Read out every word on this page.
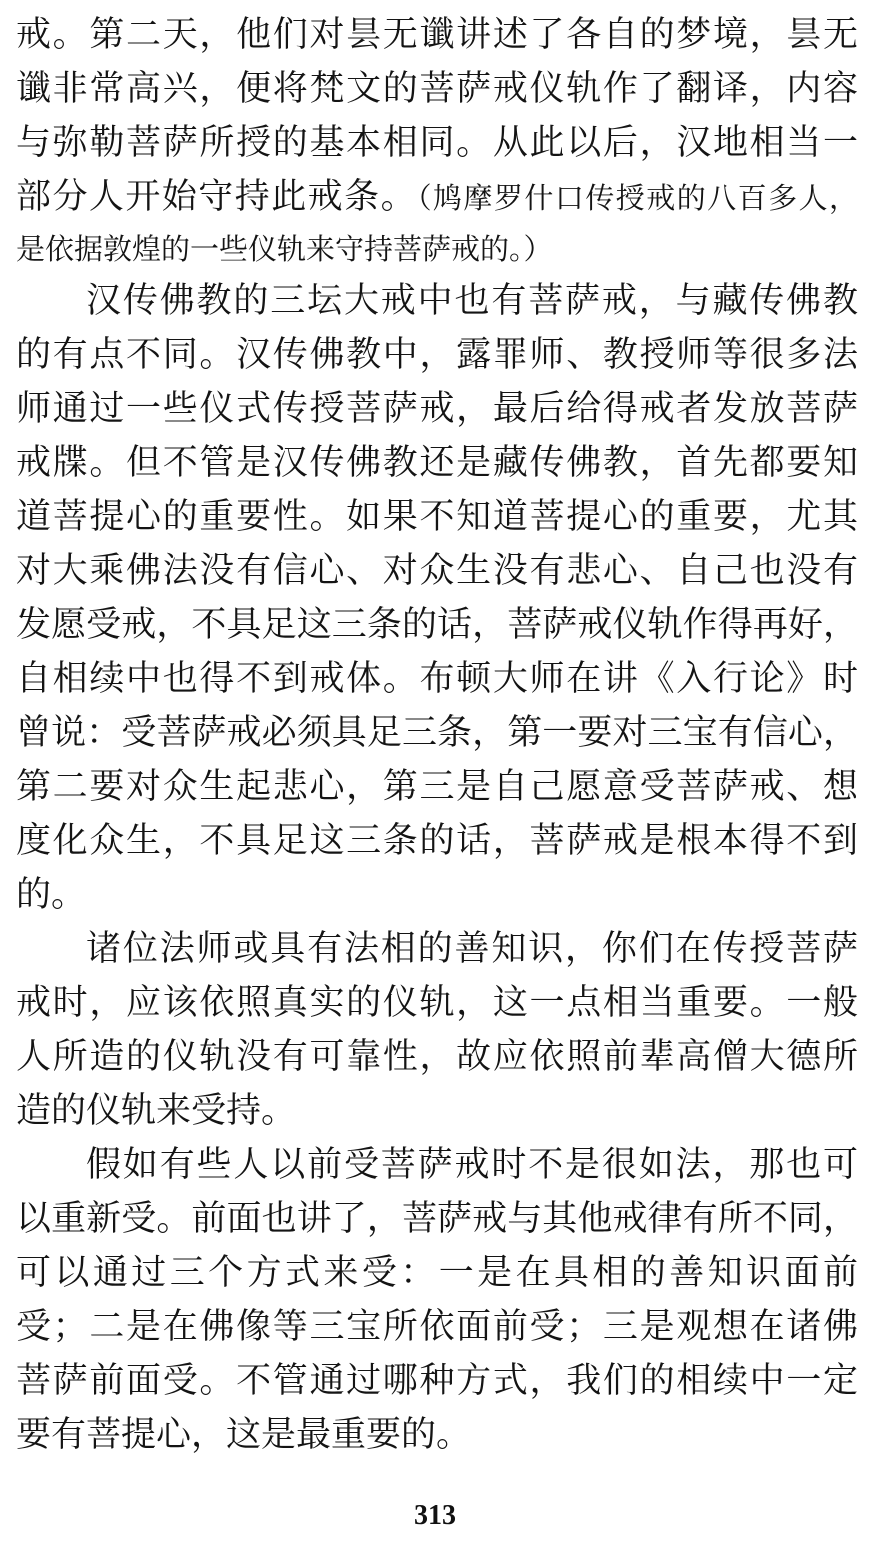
戒。第二天，他们对昙无谶讲述了各自的梦境，昙无
谶非常高兴，便将梵文的菩萨戒仪轨作了翻译，内容
与弥勒菩萨所授的基本相同。从此以后，汉地相当一
部分人开始守持此戒条。（鸠摩罗什口传授戒的八百多人，
是依据敦煌的一些仪轨来守持菩萨戒的。）
汉传佛教的三坛大戒中也有菩萨戒，与藏传佛教
的有点不同。汉传佛教中，露罪师、教授师等很多法
师通过一些仪式传授菩萨戒，最后给得戒者发放菩萨
戒牒。但不管是汉传佛教还是藏传佛教，首先都要知
道菩提心的重要性。如果不知道菩提心的重要，尤其
对大乘佛法没有信心、对众生没有悲心、自己也没有
发愿受戒，不具足这三条的话，菩萨戒仪轨作得再好，
自相续中也得不到戒体。布顿大师在讲《入行论》时
曾说：受菩萨戒必须具足三条，第一要对三宝有信心，
第二要对众生起悲心，第三是自己愿意受菩萨戒、想
度化众生，不具足这三条的话，菩萨戒是根本得不到
的。
诸位法师或具有法相的善知识，你们在传授菩萨
戒时，应该依照真实的仪轨，这一点相当重要。一般
人所造的仪轨没有可靠性，故应依照前辈高僧大德所
造的仪轨来受持。
假如有些人以前受菩萨戒时不是很如法，那也可
以重新受。前面也讲了，菩萨戒与其他戒律有所不同，
可以通过三个方式来受：一是在具相的善知识面前
受；二是在佛像等三宝所依面前受；三是观想在诸佛
菩萨前面受。不管通过哪种方式，我们的相续中一定
要有菩提心，这是最重要的。
313
